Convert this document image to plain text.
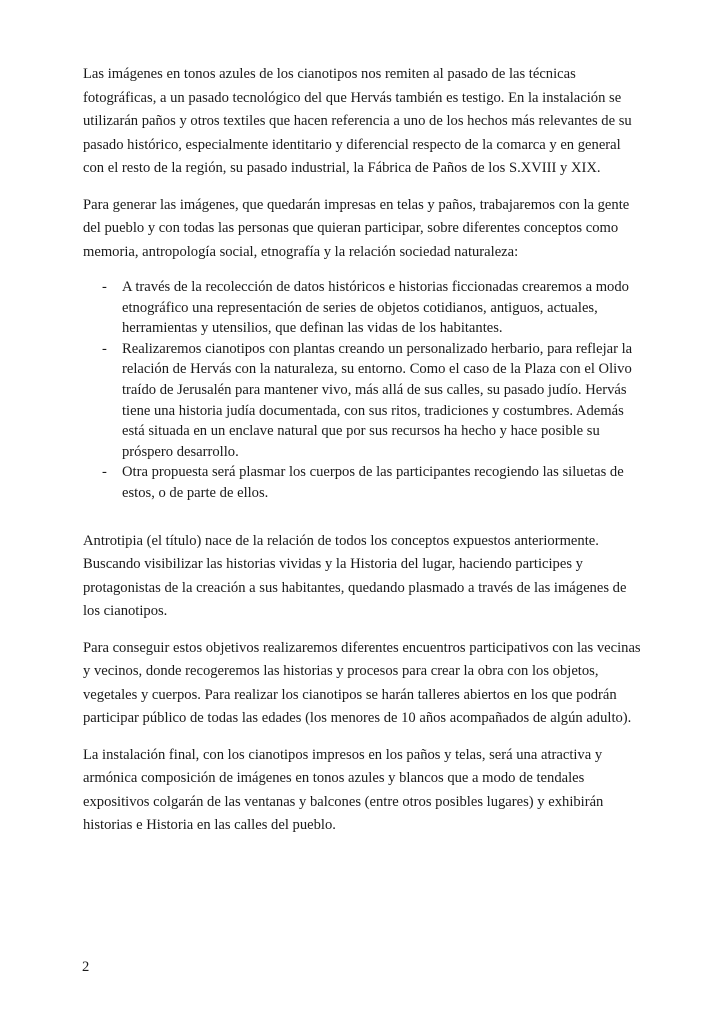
Las imágenes en tonos azules de los cianotipos nos remiten al pasado de las técnicas fotográficas, a un pasado tecnológico del que Hervás también es testigo. En la instalación se utilizarán paños y otros textiles que hacen referencia a uno de los hechos más relevantes de su pasado histórico, especialmente identitario y diferencial respecto de la comarca y en general con el resto de la región, su pasado industrial, la Fábrica de Paños de los S.XVIII y XIX.

Para generar las imágenes, que quedarán impresas en telas y paños, trabajaremos con la gente del pueblo y con todas las personas que quieran participar, sobre diferentes conceptos como memoria, antropología social, etnografía y la relación sociedad naturaleza:

- A través de la recolección de datos históricos e historias ficcionadas crearemos a modo etnográfico una representación de series de objetos cotidianos, antiguos, actuales, herramientas y utensilios, que definan las vidas de los habitantes.
- Realizaremos cianotipos con plantas creando un personalizado herbario, para reflejar la relación de Hervás con la naturaleza, su entorno. Como el caso de la Plaza con el Olivo traído de Jerusalén para mantener vivo, más allá de sus calles, su pasado judío. Hervás tiene una historia judía documentada, con sus ritos, tradiciones y costumbres. Además está situada en un enclave natural que por sus recursos ha hecho y hace posible su próspero desarrollo.
- Otra propuesta será plasmar los cuerpos de las participantes recogiendo las siluetas de estos, o de parte de ellos.

Antrotipia (el título) nace de la relación de todos los conceptos expuestos anteriormente. Buscando visibilizar las historias vividas y la Historia del lugar, haciendo participes y protagonistas de la creación a sus habitantes, quedando plasmado a través de las imágenes de los cianotipos.

Para conseguir estos objetivos realizaremos diferentes encuentros participativos con las vecinas y vecinos, donde recogeremos las historias y procesos para crear la obra con los objetos, vegetales y cuerpos. Para realizar los cianotipos se harán talleres abiertos en los que podrán participar público de todas las edades (los menores de 10 años acompañados de algún adulto).

La instalación final, con los cianotipos impresos en los paños y telas, será una atractiva y armónica composición de imágenes en tonos azules y blancos que a modo de tendales expositivos colgarán de las ventanas y balcones (entre otros posibles lugares) y exhibirán historias e Historia en las calles del pueblo.

2
